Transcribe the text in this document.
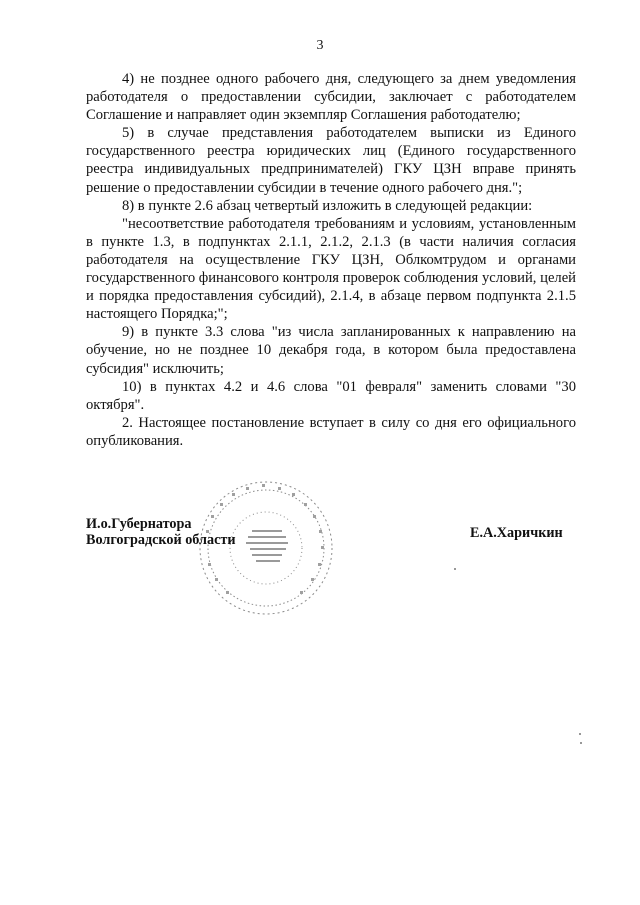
3

4) не позднее одного рабочего дня, следующего за днем уведомления работодателя о предоставлении субсидии, заключает с работодателем Соглашение и направляет один экземпляр Соглашения работодателю;

5) в случае представления работодателем выписки из Единого государственного реестра юридических лиц (Единого государственного реестра индивидуальных предпринимателей) ГКУ ЦЗН вправе принять решение о предоставлении субсидии в течение одного рабочего дня.";

8) в пункте 2.6 абзац четвертый изложить в следующей редакции:

"несоответствие работодателя требованиям и условиям, установленным в пункте 1.3, в подпунктах 2.1.1, 2.1.2, 2.1.3 (в части наличия согласия работодателя на осуществление ГКУ ЦЗН, Облкомтрудом и органами государственного финансового контроля проверок соблюдения условий, целей и порядка предоставления субсидий), 2.1.4, в абзаце первом подпункта 2.1.5 настоящего Порядка;";

9) в пункте 3.3 слова "из числа запланированных к направлению на обучение, но не позднее 10 декабря года, в котором была предоставлена субсидия" исключить;

10) в пунктах 4.2 и 4.6 слова "01 февраля" заменить словами "30 октября".

2. Настоящее постановление вступает в силу со дня его официального опубликования.

И.о.Губернатора
Волгоградской области	Е.А.Харичкин
